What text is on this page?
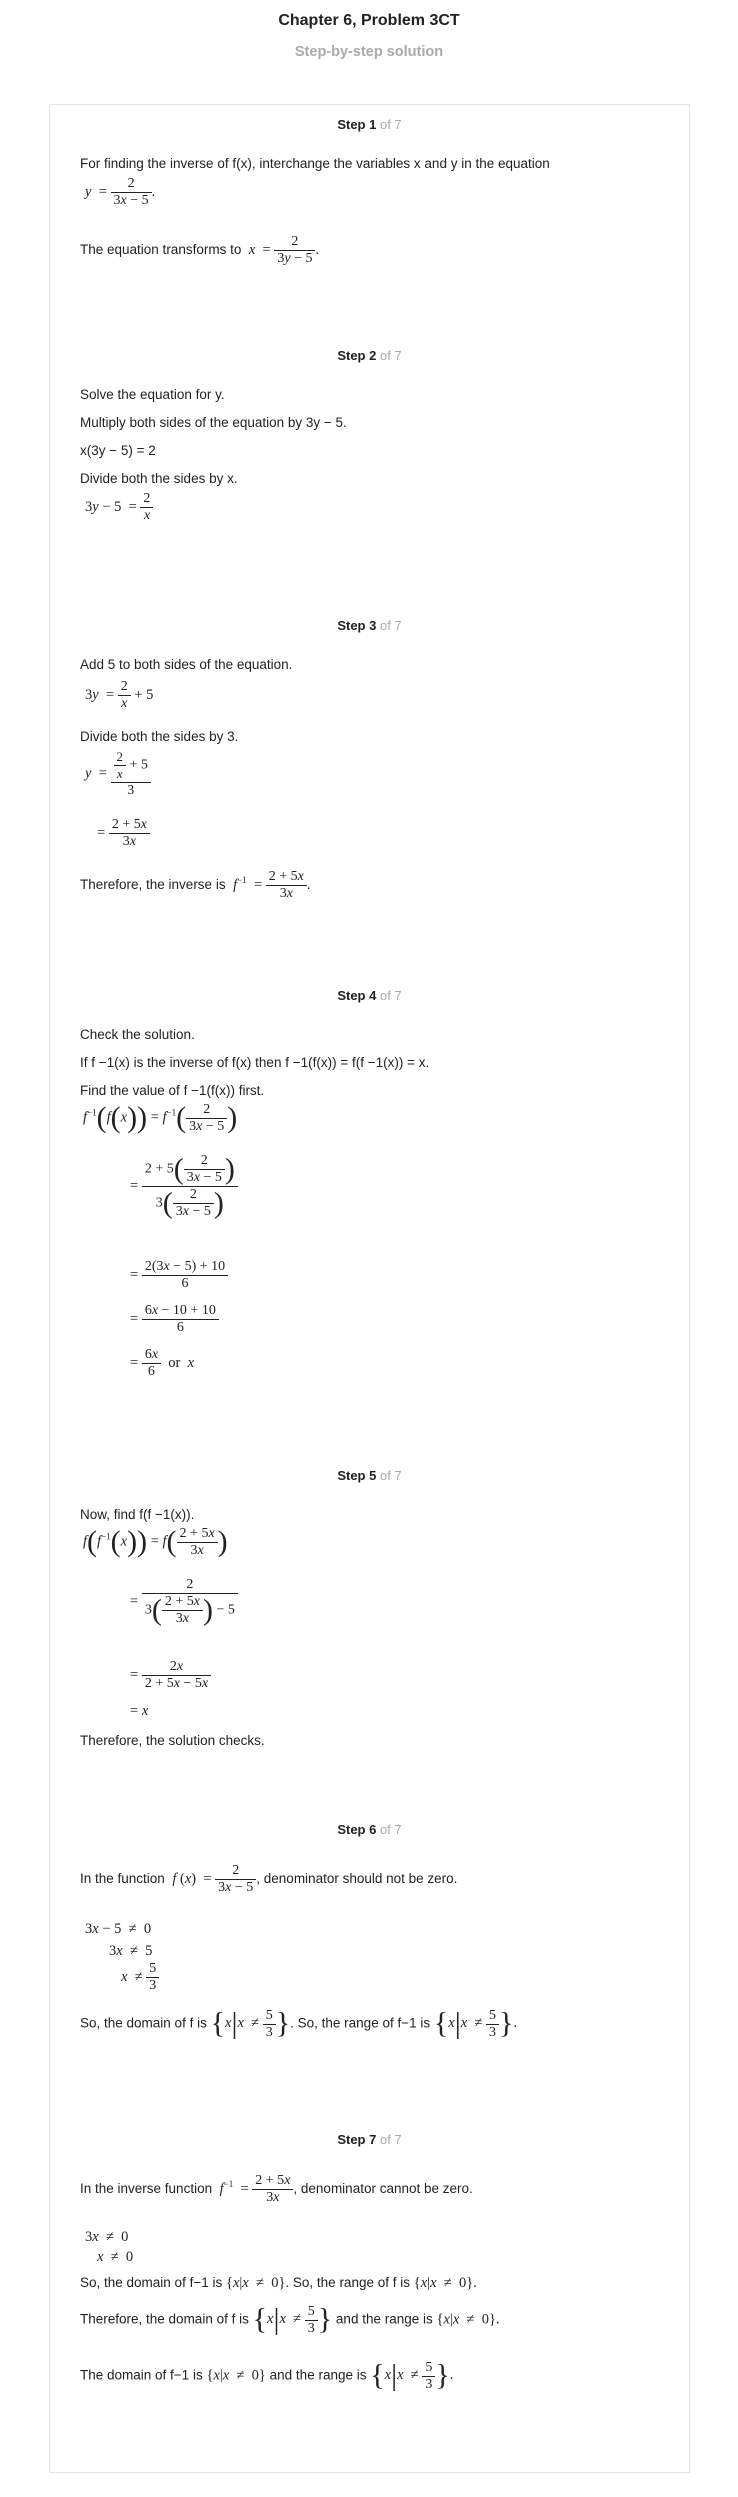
Chapter 6, Problem 3CT
Step-by-step solution
Step 1 of 7
For finding the inverse of f(x), interchange the variables x and y in the equation
$y = \frac{2}{3x - 5}$ .
The equation transforms to $x = \frac{2}{3y - 5}$ .
Step 2 of 7
Solve the equation for y.
Multiply both sides of the equation by 3y − 5.
x(3y − 5) = 2
Divide both the sides by x.
$3y - 5 = \frac{2}{x}$
Step 3 of 7
Add 5 to both sides of the equation.
$3y = \frac{2}{x} + 5$
Divide both the sides by 3.
$y = \frac{\frac{2}{x} + 5}{3}$
= $\frac{2 + 5x}{3x}$
Therefore, the inverse is $f^{-1} = \frac{2 + 5x}{3x}$ .
Step 4 of 7
Check the solution.
If f −1(x) is the inverse of f(x) then f −1(f(x)) = f(f −1(x)) = x.
Find the value of f −1(f(x)) first.
$f^{-1}(f(x)) = f^{-1}( \frac{2}{3x - 5}$ )
= $\frac{2 + 5( \frac{2}{3x - 5} )}{3( \frac{2}{3x - 5} )}$
= $\frac{2(3x - 5) + 10}{6}$
= $\frac{6x - 10 + 10}{6}$
= $\frac{6x}{6}$ or  x
Step 5 of 7
Now, find f(f −1(x)).
$f(f^{-1}(x)) = f( \frac{2 + 5x}{3x}$ )
= $\frac{2}{3( \frac{2 + 5x}{3x} ) - 5}$
= $\frac{2x}{2 + 5x - 5x}$
= x
Therefore, the solution checks.
Step 6 of 7
In the function f $(x) = \frac{2}{3x - 5}$ , denominator should not be zero.
3x − 5  ≠  0
3x  ≠  5
$x \ne \frac{5}{3}$
So, the domain of f is {$x|x \ne \frac{5}{3}$ }. So, the range of f−1 is {$x|x \ne \frac{5}{3}$ }.
Step 7 of 7
In the inverse function $f^{-1} = \frac{2 + 5x}{3x}$ , denominator cannot be zero.
3x  ≠  0
x  ≠  0
So, the domain of f−1 is {x|x  ≠  0}. So, the range of f is {x|x  ≠  0}.
Therefore, the domain of f is {$x|x \ne \frac{5}{3}$ } and the range is {x|x  ≠  0}.
The domain of f−1 is {x|x  ≠  0} and the range is {$x|x \ne \frac{5}{3}$ }.
